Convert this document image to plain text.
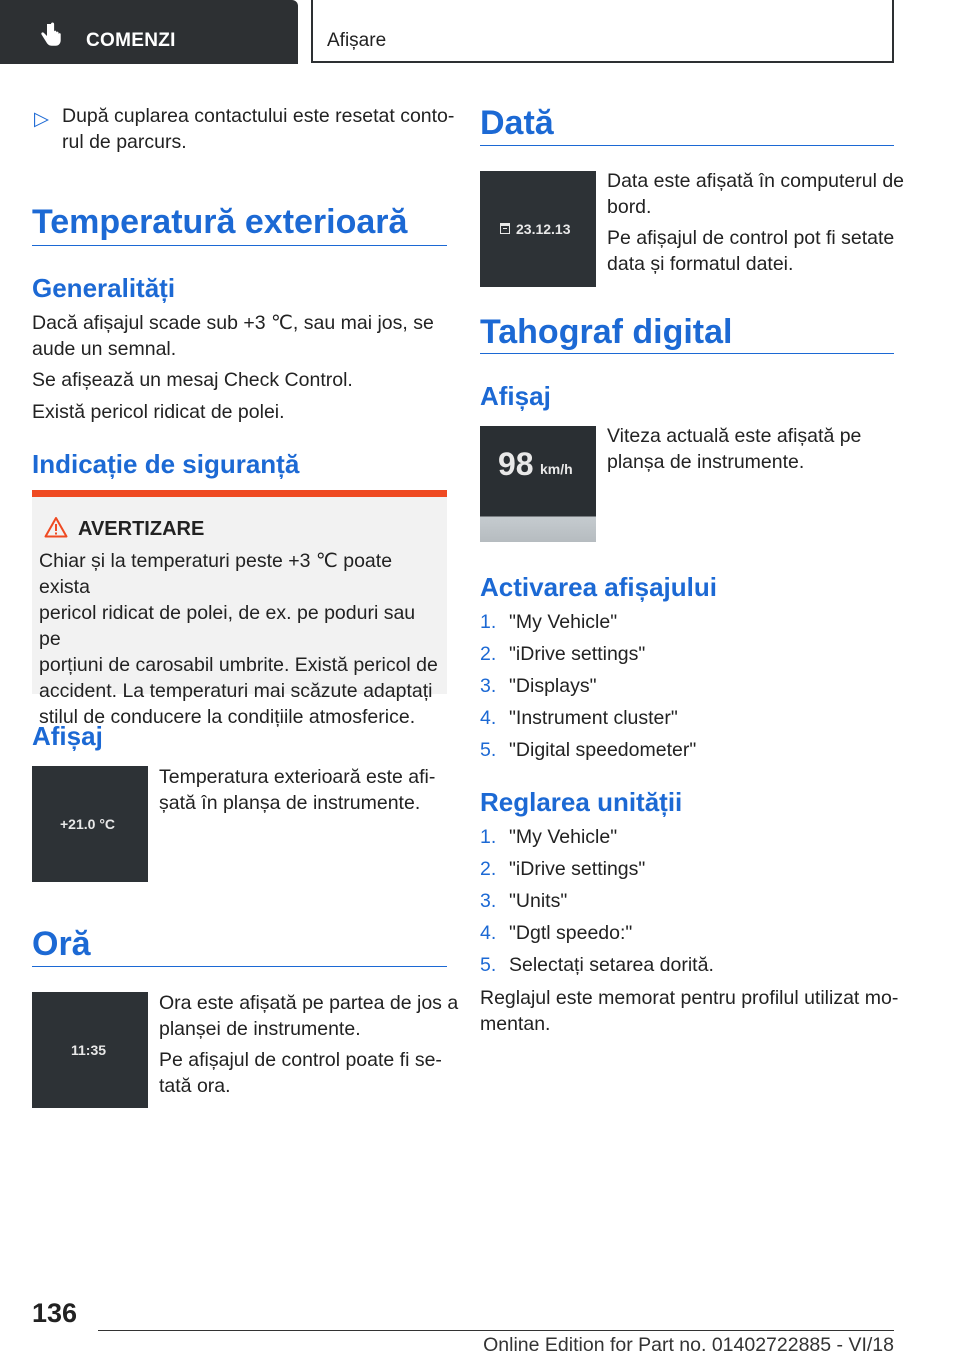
COMENZI	Afișare
▷ După cuplarea contactului este resetat conto-
rul de parcurs.
Temperatură exterioară
Generalități
Dacă afișajul scade sub +3 ℃, sau mai jos, se
aude un semnal.
Se afișează un mesaj Check Control.
Există pericol ridicat de polei.
Indicație de siguranță
AVERTIZARE
Chiar și la temperaturi peste +3 ℃ poate exista
pericol ridicat de polei, de ex. pe poduri sau pe
porțiuni de carosabil umbrite. Există pericol de
accident. La temperaturi mai scăzute adaptați
stilul de conducere la condițiile atmosferice.
Afișaj
+21.0 °C
Temperatura exterioară este afi-
șată în planșa de instrumente.
Oră
11:35
Ora este afișată pe partea de jos a
planșei de instrumente.
Pe afișajul de control poate fi se-
tată ora.
Dată
23.12.13
Data este afișată în computerul de
bord.
Pe afișajul de control pot fi setate
data și formatul datei.
Tahograf digital
Afișaj
98 km/h
Viteza actuală este afișată pe
planșa de instrumente.
Activarea afișajului
1. "My Vehicle"
2. "iDrive settings"
3. "Displays"
4. "Instrument cluster"
5. "Digital speedometer"
Reglarea unității
1. "My Vehicle"
2. "iDrive settings"
3. "Units"
4. "Dgtl speedo:"
5. Selectați setarea dorită.
Reglajul este memorat pentru profilul utilizat mo-
mentan.
136
Online Edition for Part no. 01402722885 - VI/18
